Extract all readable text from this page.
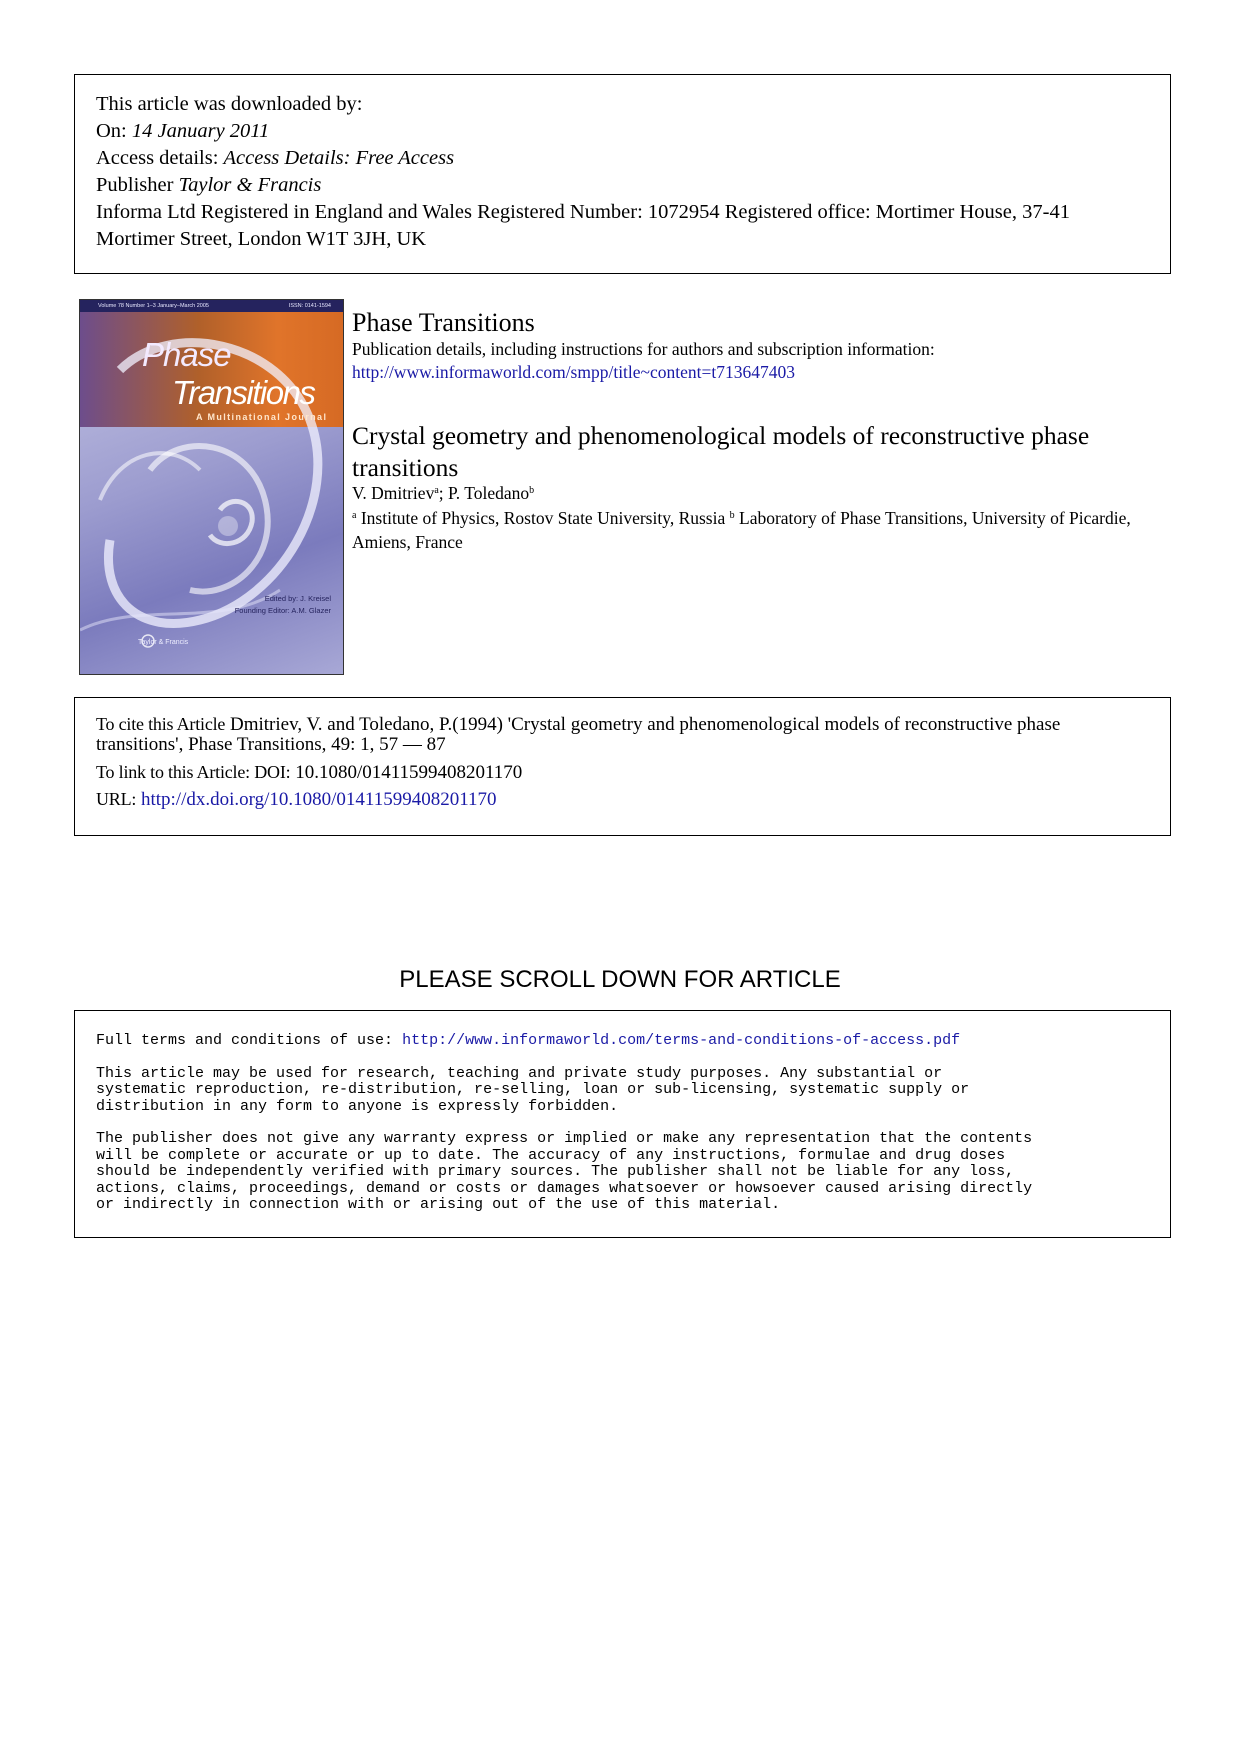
This article was downloaded by:
On: 14 January 2011
Access details: Access Details: Free Access
Publisher Taylor & Francis
Informa Ltd Registered in England and Wales Registered Number: 1072954 Registered office: Mortimer House, 37-41 Mortimer Street, London W1T 3JH, UK
Volume 78 Number 1–3 January–March 2005	ISSN: 0141-1594
Phase
Transitions
A Multinational Journal
Edited by: J. Kreisel
Founding Editor: A.M. Glazer
Taylor & Francis
Phase Transitions
Publication details, including instructions for authors and subscription information:
http://www.informaworld.com/smpp/title~content=t713647403
Crystal geometry and phenomenological models of reconstructive phase transitions
V. Dmitriev$^a$; P. Toledano$^b$
$^a$ Institute of Physics, Rostov State University, Russia $^b$ Laboratory of Phase Transitions, University of Picardie, Amiens, France
To cite this Article Dmitriev, V. and Toledano, P.(1994) 'Crystal geometry and phenomenological models of reconstructive phase transitions', Phase Transitions, 49: 1, 57 — 87
To link to this Article: DOI: 10.1080/01411599408201170
URL: http://dx.doi.org/10.1080/01411599408201170
PLEASE SCROLL DOWN FOR ARTICLE

Full terms and conditions of use: http://www.informaworld.com/terms-and-conditions-of-access.pdf

This article may be used for research, teaching and private study purposes. Any substantial or
systematic reproduction, re-distribution, re-selling, loan or sub-licensing, systematic supply or
distribution in any form to anyone is expressly forbidden.

The publisher does not give any warranty express or implied or make any representation that the contents
will be complete or accurate or up to date. The accuracy of any instructions, formulae and drug doses
should be independently verified with primary sources. The publisher shall not be liable for any loss,
actions, claims, proceedings, demand or costs or damages whatsoever or howsoever caused arising directly
or indirectly in connection with or arising out of the use of this material.
